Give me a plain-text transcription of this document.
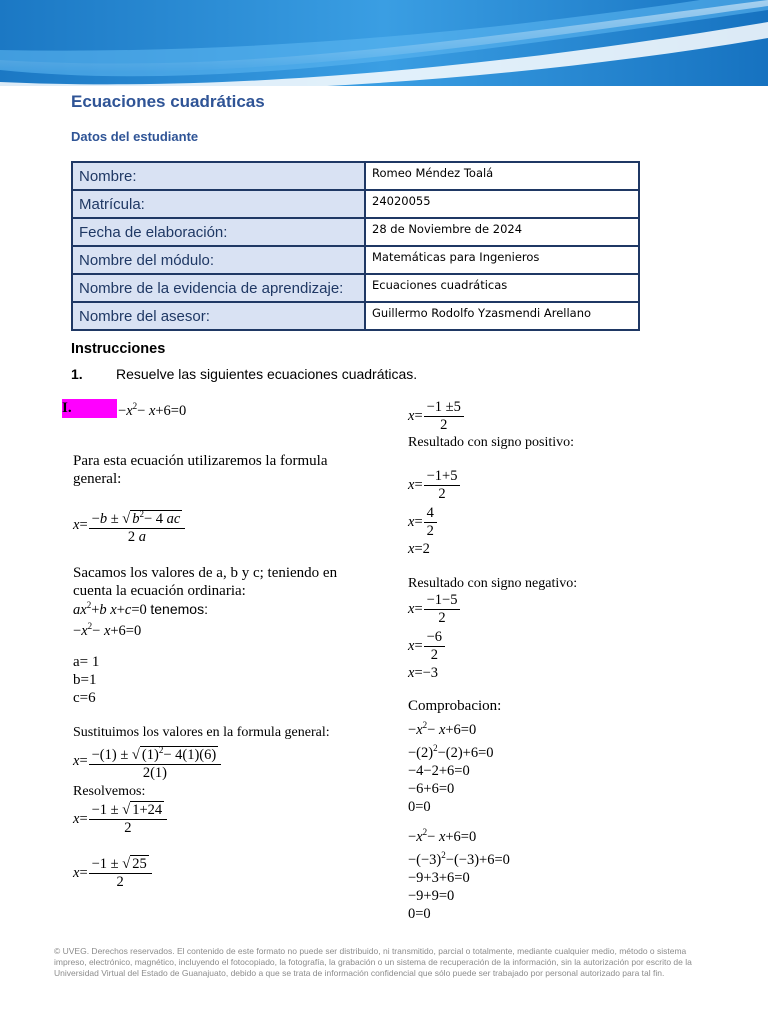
Ecuaciones cuadráticas
Datos del estudiante
Nombre:	Romeo Méndez Toalá
Matrícula:	24020055
Fecha de elaboración:	28 de Noviembre de 2024
Nombre del módulo:	Matemáticas para Ingenieros
Nombre de la evidencia de aprendizaje:	Ecuaciones cuadráticas
Nombre del asesor:	Guillermo Rodolfo Yzasmendi Arellano
Instrucciones
1. Resuelve las siguientes ecuaciones cuadráticas.
I.	$-x^2- x+6=0$
Para esta ecuación utilizaremos la formula general:
$x= \frac{-b \pm √ b^2- 4 ac}{2 a}$
Sacamos los valores de a, b y c; teniendo en cuenta la ecuación ordinaria:
$ax^2+b$ x+c=0 tenemos:
$-x^2- x+6=0$
a= 1
b=1
c=6
Sustituimos los valores en la formula general:
$x= \frac{-(1) \pm √ (1)^2- 4(1)(6)}{2(1)}$
Resolvemos:
$x= \frac{-1 \pm √ 1+24}{2}$
$x= \frac{-1 \pm √ 25}{2}$
$x= \frac{-1 \pm 5}{2}$
Resultado con signo positivo:
$x= \frac{-1+5}{2}$
$x= \frac{4}{2}$
x=2
Resultado con signo negativo:
$x= \frac{-1-5}{2}$
$x= \frac{-6}{2}$
x=−3
Comprobacion:
$-x^2- x+6=0$
$-(2)^2-(2)+6=0$
−4−2+6=0
−6+6=0
0=0
$-x^2- x+6=0$
$-(-3)^2-(-3)+6=0$
−9+3+6=0
−9+9=0
0=0
© UVEG. Derechos reservados. El contenido de este formato no puede ser distribuido, ni transmitido, parcial o totalmente, mediante cualquier medio, método o sistema impreso, electrónico, magnético, incluyendo el fotocopiado, la fotografía, la grabación o un sistema de recuperación de la información, sin la autorización por escrito de la Universidad Virtual del Estado de Guanajuato, debido a que se trata de información confidencial que sólo puede ser trabajado por personal autorizado para tal fin.
